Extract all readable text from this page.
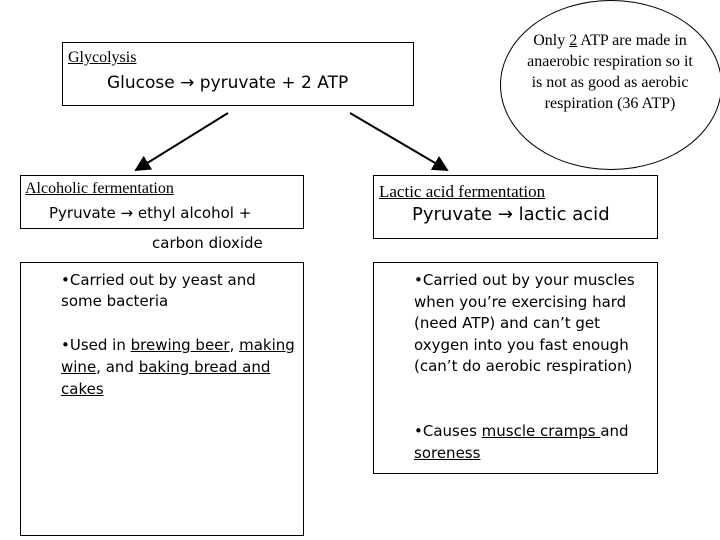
Glycolysis
Glucose → pyruvate + 2 ATP
Only 2 ATP are made in anaerobic respiration so it is not as good as aerobic respiration (36 ATP)
Alcoholic fermentation
Pyruvate → ethyl alcohol +
carbon dioxide
Lactic acid fermentation
Pyruvate → lactic acid
•Carried out by yeast and some bacteria
•Used in brewing beer, making wine, and baking bread and cakes
•Carried out by your muscles when you’re exercising hard (need ATP) and can’t get oxygen into you fast enough (can’t do aerobic respiration)
•Causes muscle cramps and soreness
